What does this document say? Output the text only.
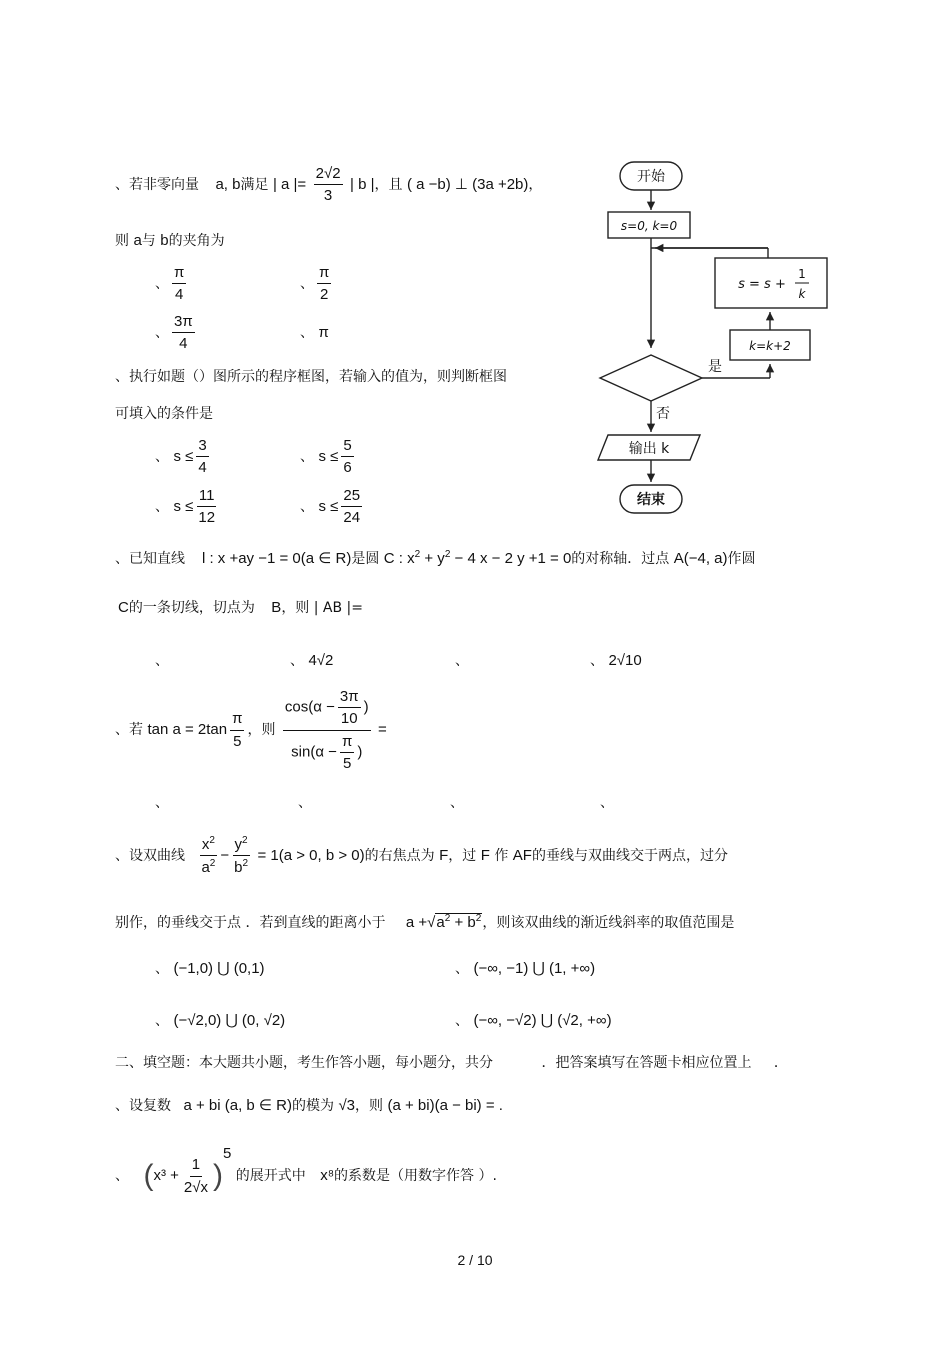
、若非零向量 a, b满足 | a |= $\frac{2√2}{3}$ | b |，且 ( a −b) ⊥ (3a +2b)，
则 a与 b的夹角为
、 $\frac{\pi}{4}$	、 $\frac{\pi}{2}$
、 $\frac{3\pi}{4}$	、 π
、执行如题（）图所示的程序框图，若输入的值为，则判断框图
可填入的条件是
、 $s \le \frac{3}{4}$	、 $s \le \frac{5}{6}$
、 $s \le \frac{11}{12}$	、 $s \le \frac{25}{24}$
开始
s=0, k=0
s = s +
1
k
k=k+2
是
否
输出 k
结束
、已知直线    l : x +ay −1 = 0(a ∈ R)是圆 C : $x^2 + y^2 - 4$ x − 2 y +1 = 0的对称轴．过点 A(−4, a)作圆
C的一条切线，切点为 B，则 | AB |=
、	、 4√2	、	、 2√10
、若 $\tan a = 2\tan \frac{\pi}{5}$ ，则 $\frac{\cos(\alpha - \frac{3\pi}{10} )}{\sin(\alpha - \frac{\pi}{5} )}$ =
、	、	、	、
、设双曲线 $\frac{x^2}{a^2} - \frac{y^2}{b^2} = 1(a > 0$, b > 0)的右焦点为 F，过 F 作 AF的垂线与双曲线交于两点，过分
别作，的垂线交于点 ．若到直线的距离小于 $a +√a^2 + b^2$，则该双曲线的渐近线斜率的取值范围是
、 (−1,0) ⋃ (0,1)	、 (−∞, −1) ⋃ (1, +∞)
、 (−√2,0) ⋃ (0, √2)	、 (−∞, −√2) ⋃ (√2, +∞)
二、填空题：本大题共小题，考生作答小题，每小题分，共分	．把答案填写在答题卡相应位置上 ．
、设复数 a + bi (a, b ∈ R)的模为 √3，则 (a + bi)(a − bi) = .
、 $(x^3 + \frac{1}{2√x} )^5$ 的展开式中 x⁸的系数是（用数字作答 ）.
2 / 10
